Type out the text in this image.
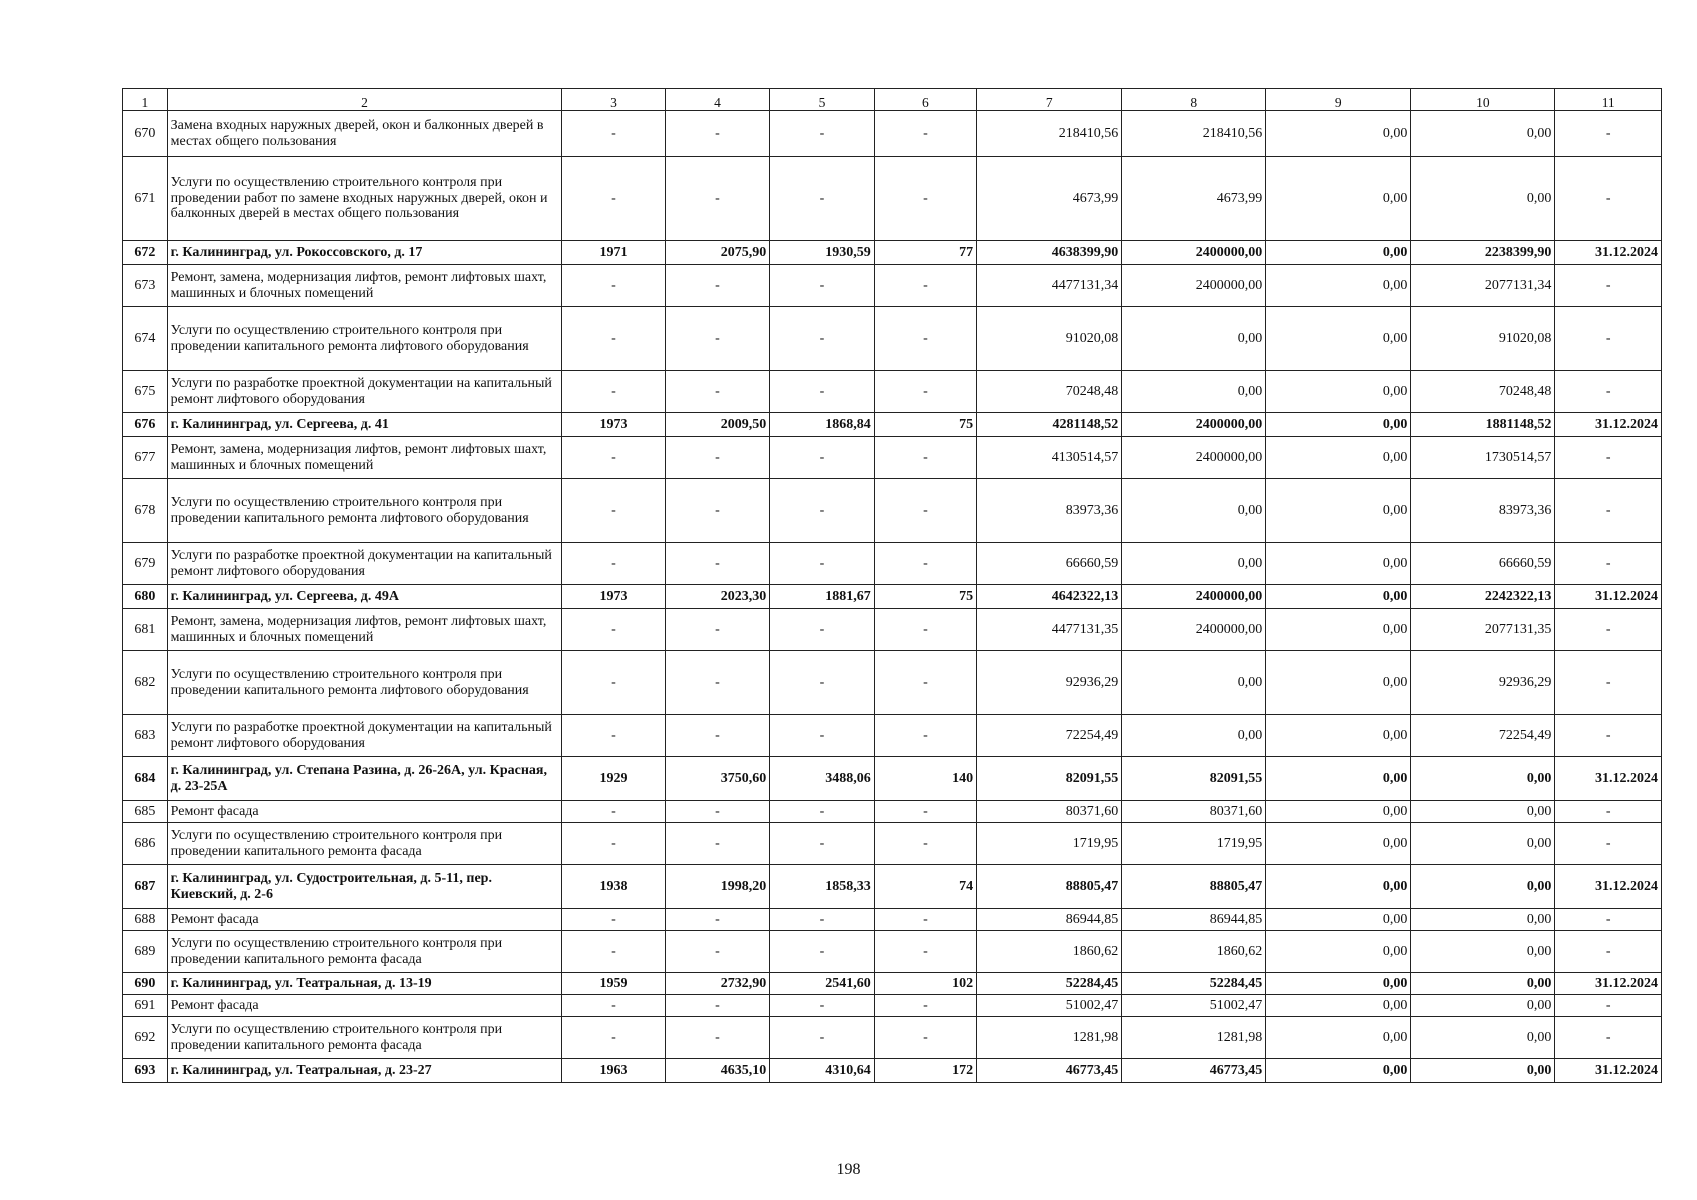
1	2	3	4	5	6	7	8	9	10	11
670	Замена входных наружных дверей, окон и балконных дверей в местах общего пользования	-	-	-	-	218410,56	218410,56	0,00	0,00	-
671	Услуги по осуществлению строительного контроля при проведении работ по замене входных наружных дверей, окон и балконных дверей в местах общего пользования	-	-	-	-	4673,99	4673,99	0,00	0,00	-
672	г. Калининград, ул. Рокоссовского, д. 17	1971	2075,90	1930,59	77	4638399,90	2400000,00	0,00	2238399,90	31.12.2024
673	Ремонт, замена, модернизация лифтов, ремонт лифтовых шахт, машинных и блочных помещений	-	-	-	-	4477131,34	2400000,00	0,00	2077131,34	-
674	Услуги по осуществлению строительного контроля при проведении капитального ремонта лифтового оборудования	-	-	-	-	91020,08	0,00	0,00	91020,08	-
675	Услуги по разработке проектной документации на капитальный ремонт лифтового оборудования	-	-	-	-	70248,48	0,00	0,00	70248,48	-
676	г. Калининград, ул. Сергеева, д. 41	1973	2009,50	1868,84	75	4281148,52	2400000,00	0,00	1881148,52	31.12.2024
677	Ремонт, замена, модернизация лифтов, ремонт лифтовых шахт, машинных и блочных помещений	-	-	-	-	4130514,57	2400000,00	0,00	1730514,57	-
678	Услуги по осуществлению строительного контроля при проведении капитального ремонта лифтового оборудования	-	-	-	-	83973,36	0,00	0,00	83973,36	-
679	Услуги по разработке проектной документации на капитальный ремонт лифтового оборудования	-	-	-	-	66660,59	0,00	0,00	66660,59	-
680	г. Калининград, ул. Сергеева, д. 49А	1973	2023,30	1881,67	75	4642322,13	2400000,00	0,00	2242322,13	31.12.2024
681	Ремонт, замена, модернизация лифтов, ремонт лифтовых шахт, машинных и блочных помещений	-	-	-	-	4477131,35	2400000,00	0,00	2077131,35	-
682	Услуги по осуществлению строительного контроля при проведении капитального ремонта лифтового оборудования	-	-	-	-	92936,29	0,00	0,00	92936,29	-
683	Услуги по разработке проектной документации на капитальный ремонт лифтового оборудования	-	-	-	-	72254,49	0,00	0,00	72254,49	-
684	г. Калининград, ул. Степана Разина, д. 26-26А, ул. Красная, д. 23-25А	1929	3750,60	3488,06	140	82091,55	82091,55	0,00	0,00	31.12.2024
685	Ремонт фасада	-	-	-	-	80371,60	80371,60	0,00	0,00	-
686	Услуги по осуществлению строительного контроля при проведении капитального ремонта фасада	-	-	-	-	1719,95	1719,95	0,00	0,00	-
687	г. Калининград, ул. Судостроительная, д. 5-11, пер. Киевский, д. 2-6	1938	1998,20	1858,33	74	88805,47	88805,47	0,00	0,00	31.12.2024
688	Ремонт фасада	-	-	-	-	86944,85	86944,85	0,00	0,00	-
689	Услуги по осуществлению строительного контроля при проведении капитального ремонта фасада	-	-	-	-	1860,62	1860,62	0,00	0,00	-
690	г. Калининград, ул. Театральная, д. 13-19	1959	2732,90	2541,60	102	52284,45	52284,45	0,00	0,00	31.12.2024
691	Ремонт фасада	-	-	-	-	51002,47	51002,47	0,00	0,00	-
692	Услуги по осуществлению строительного контроля при проведении капитального ремонта фасада	-	-	-	-	1281,98	1281,98	0,00	0,00	-
693	г. Калининград, ул. Театральная, д. 23-27	1963	4635,10	4310,64	172	46773,45	46773,45	0,00	0,00	31.12.2024
198
